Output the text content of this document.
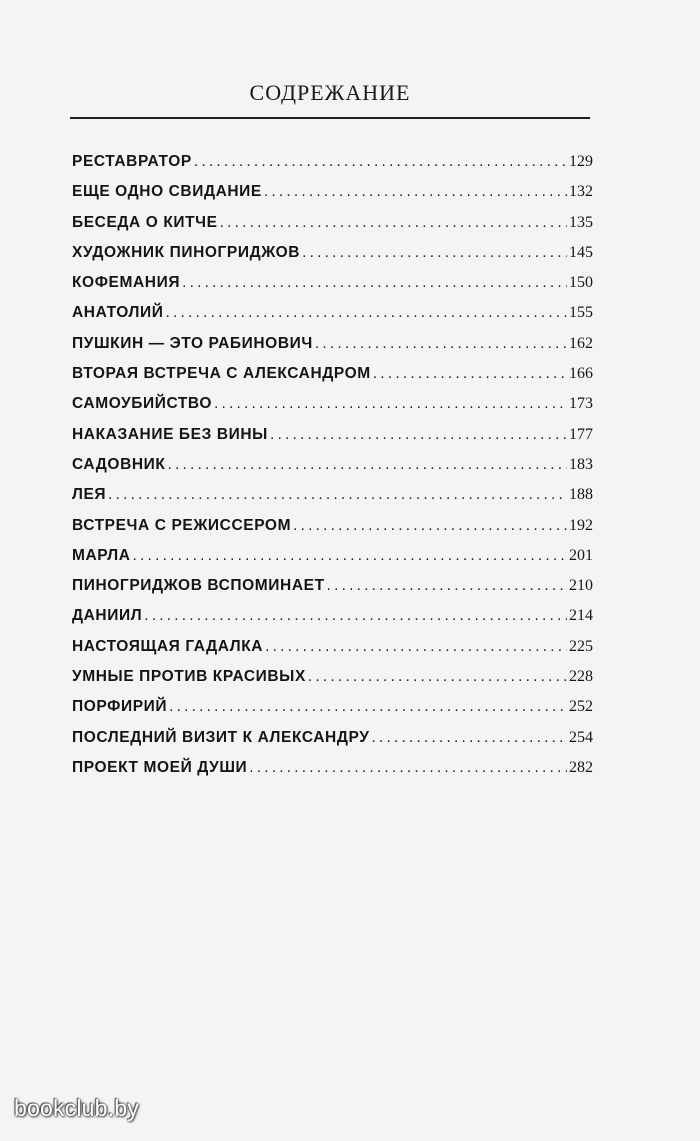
СОДРЕЖАНИЕ
РЕСТАВРАТОР .....	129
ЕЩЕ ОДНО СВИДАНИЕ .....	132
БЕСЕДА О КИТЧЕ .....	135
ХУДОЖНИК ПИНОГРИДЖОВ .....	145
КОФЕМАНИЯ .....	150
АНАТОЛИЙ .....	155
ПУШКИН — ЭТО РАБИНОВИЧ .....	162
ВТОРАЯ ВСТРЕЧА С АЛЕКСАНДРОМ .....	166
САМОУБИЙСТВО .....	173
НАКАЗАНИЕ БЕЗ ВИНЫ .....	177
САДОВНИК .....	183
ЛЕЯ .....	188
ВСТРЕЧА С РЕЖИССЕРОМ .....	192
МАРЛА .....	201
ПИНОГРИДЖОВ ВСПОМИНАЕТ .....	210
ДАНИИЛ .....	214
НАСТОЯЩАЯ ГАДАЛКА .....	225
УМНЫЕ ПРОТИВ КРАСИВЫХ .....	228
ПОРФИРИЙ .....	252
ПОСЛЕДНИЙ ВИЗИТ К АЛЕКСАНДРУ .....	254
ПРОЕКТ МОЕЙ ДУШИ .....	282
bookclub.by
